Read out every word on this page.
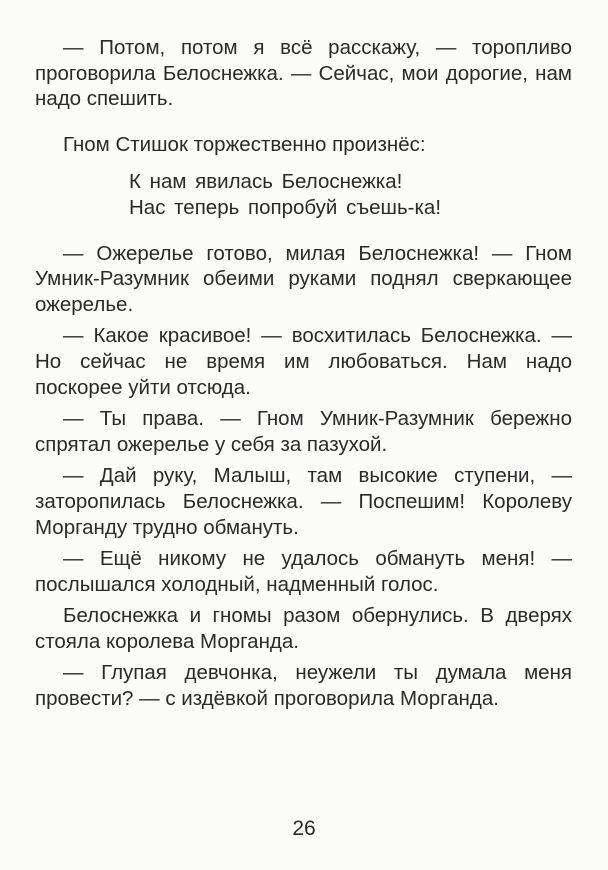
— Потом, потом я всё расскажу, — торопливо проговорила Белоснежка. — Сейчас, мои дорогие, нам надо спешить.

Гном Стишок торжественно произнёс:

К нам явилась Белоснежка!
Нас теперь попробуй съешь-ка!

— Ожерелье готово, милая Белоснежка! — Гном Умник-Разумник обеими руками поднял сверкающее ожерелье.

— Какое красивое! — восхитилась Белоснежка. — Но сейчас не время им любоваться. Нам надо поскорее уйти отсюда.

— Ты права. — Гном Умник-Разумник бережно спрятал ожерелье у себя за пазухой.

— Дай руку, Малыш, там высокие ступени, — заторопилась Белоснежка. — Поспешим! Королеву Морганду трудно обмануть.

— Ещё никому не удалось обмануть меня! — послышался холодный, надменный голос.

Белоснежка и гномы разом обернулись. В дверях стояла королева Морганда.

— Глупая девчонка, неужели ты думала меня провести? — с издёвкой проговорила Морганда.

26
